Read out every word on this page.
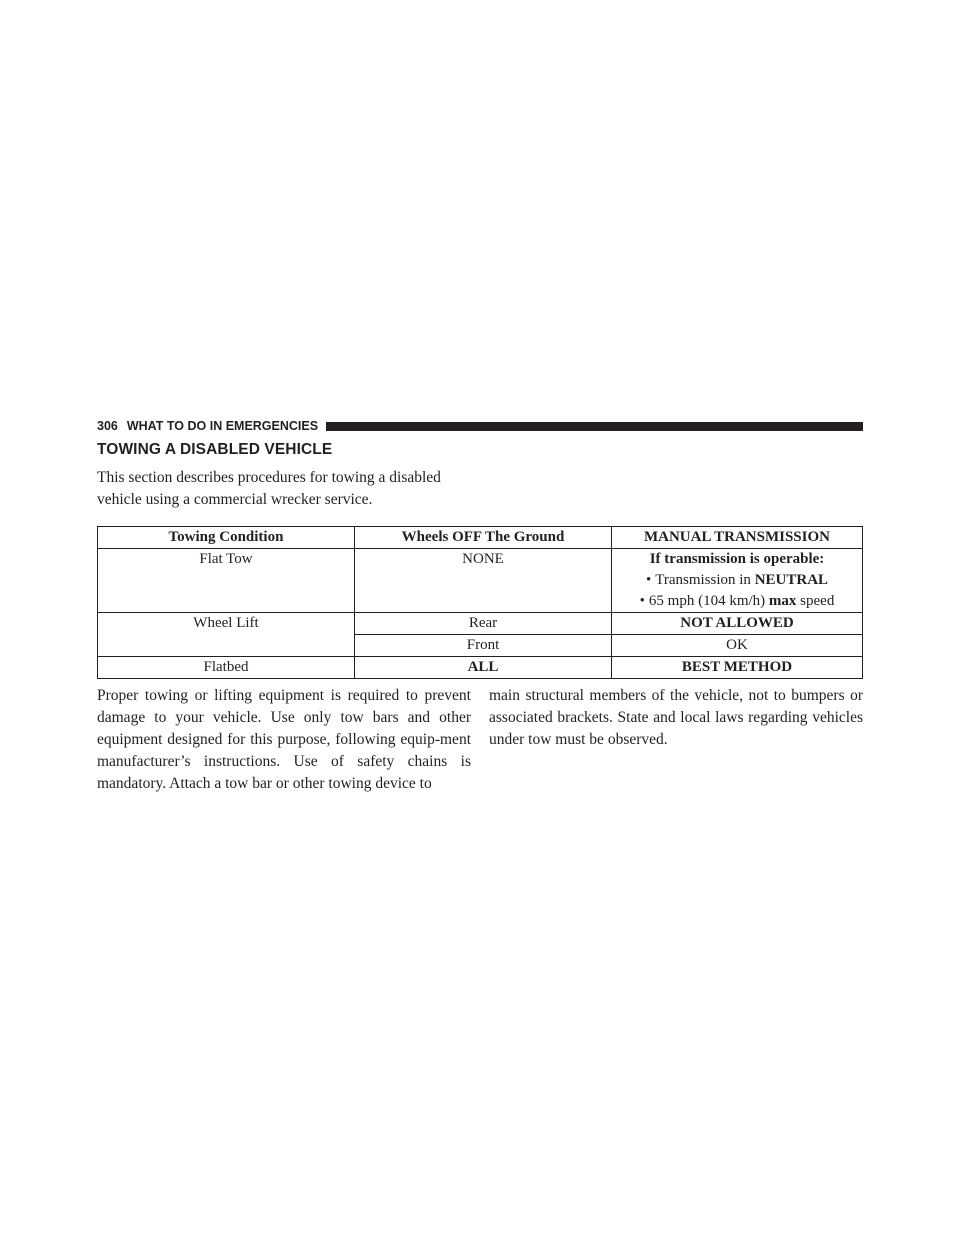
306 WHAT TO DO IN EMERGENCIES
TOWING A DISABLED VEHICLE
This section describes procedures for towing a disabled vehicle using a commercial wrecker service.
Towing Condition	Wheels OFF The Ground	MANUAL TRANSMISSION
Flat Tow	NONE	If transmission is operable:
• Transmission in NEUTRAL
• 65 mph (104 km/h) max speed

Wheel Lift	Rear	NOT ALLOWED
	Front	OK
Flatbed	ALL	BEST METHOD
Proper towing or lifting equipment is required to prevent damage to your vehicle. Use only tow bars and other equipment designed for this purpose, following equip-ment manufacturer’s instructions. Use of safety chains is mandatory. Attach a tow bar or other towing device to
main structural members of the vehicle, not to bumpers or associated brackets. State and local laws regarding vehicles under tow must be observed.
